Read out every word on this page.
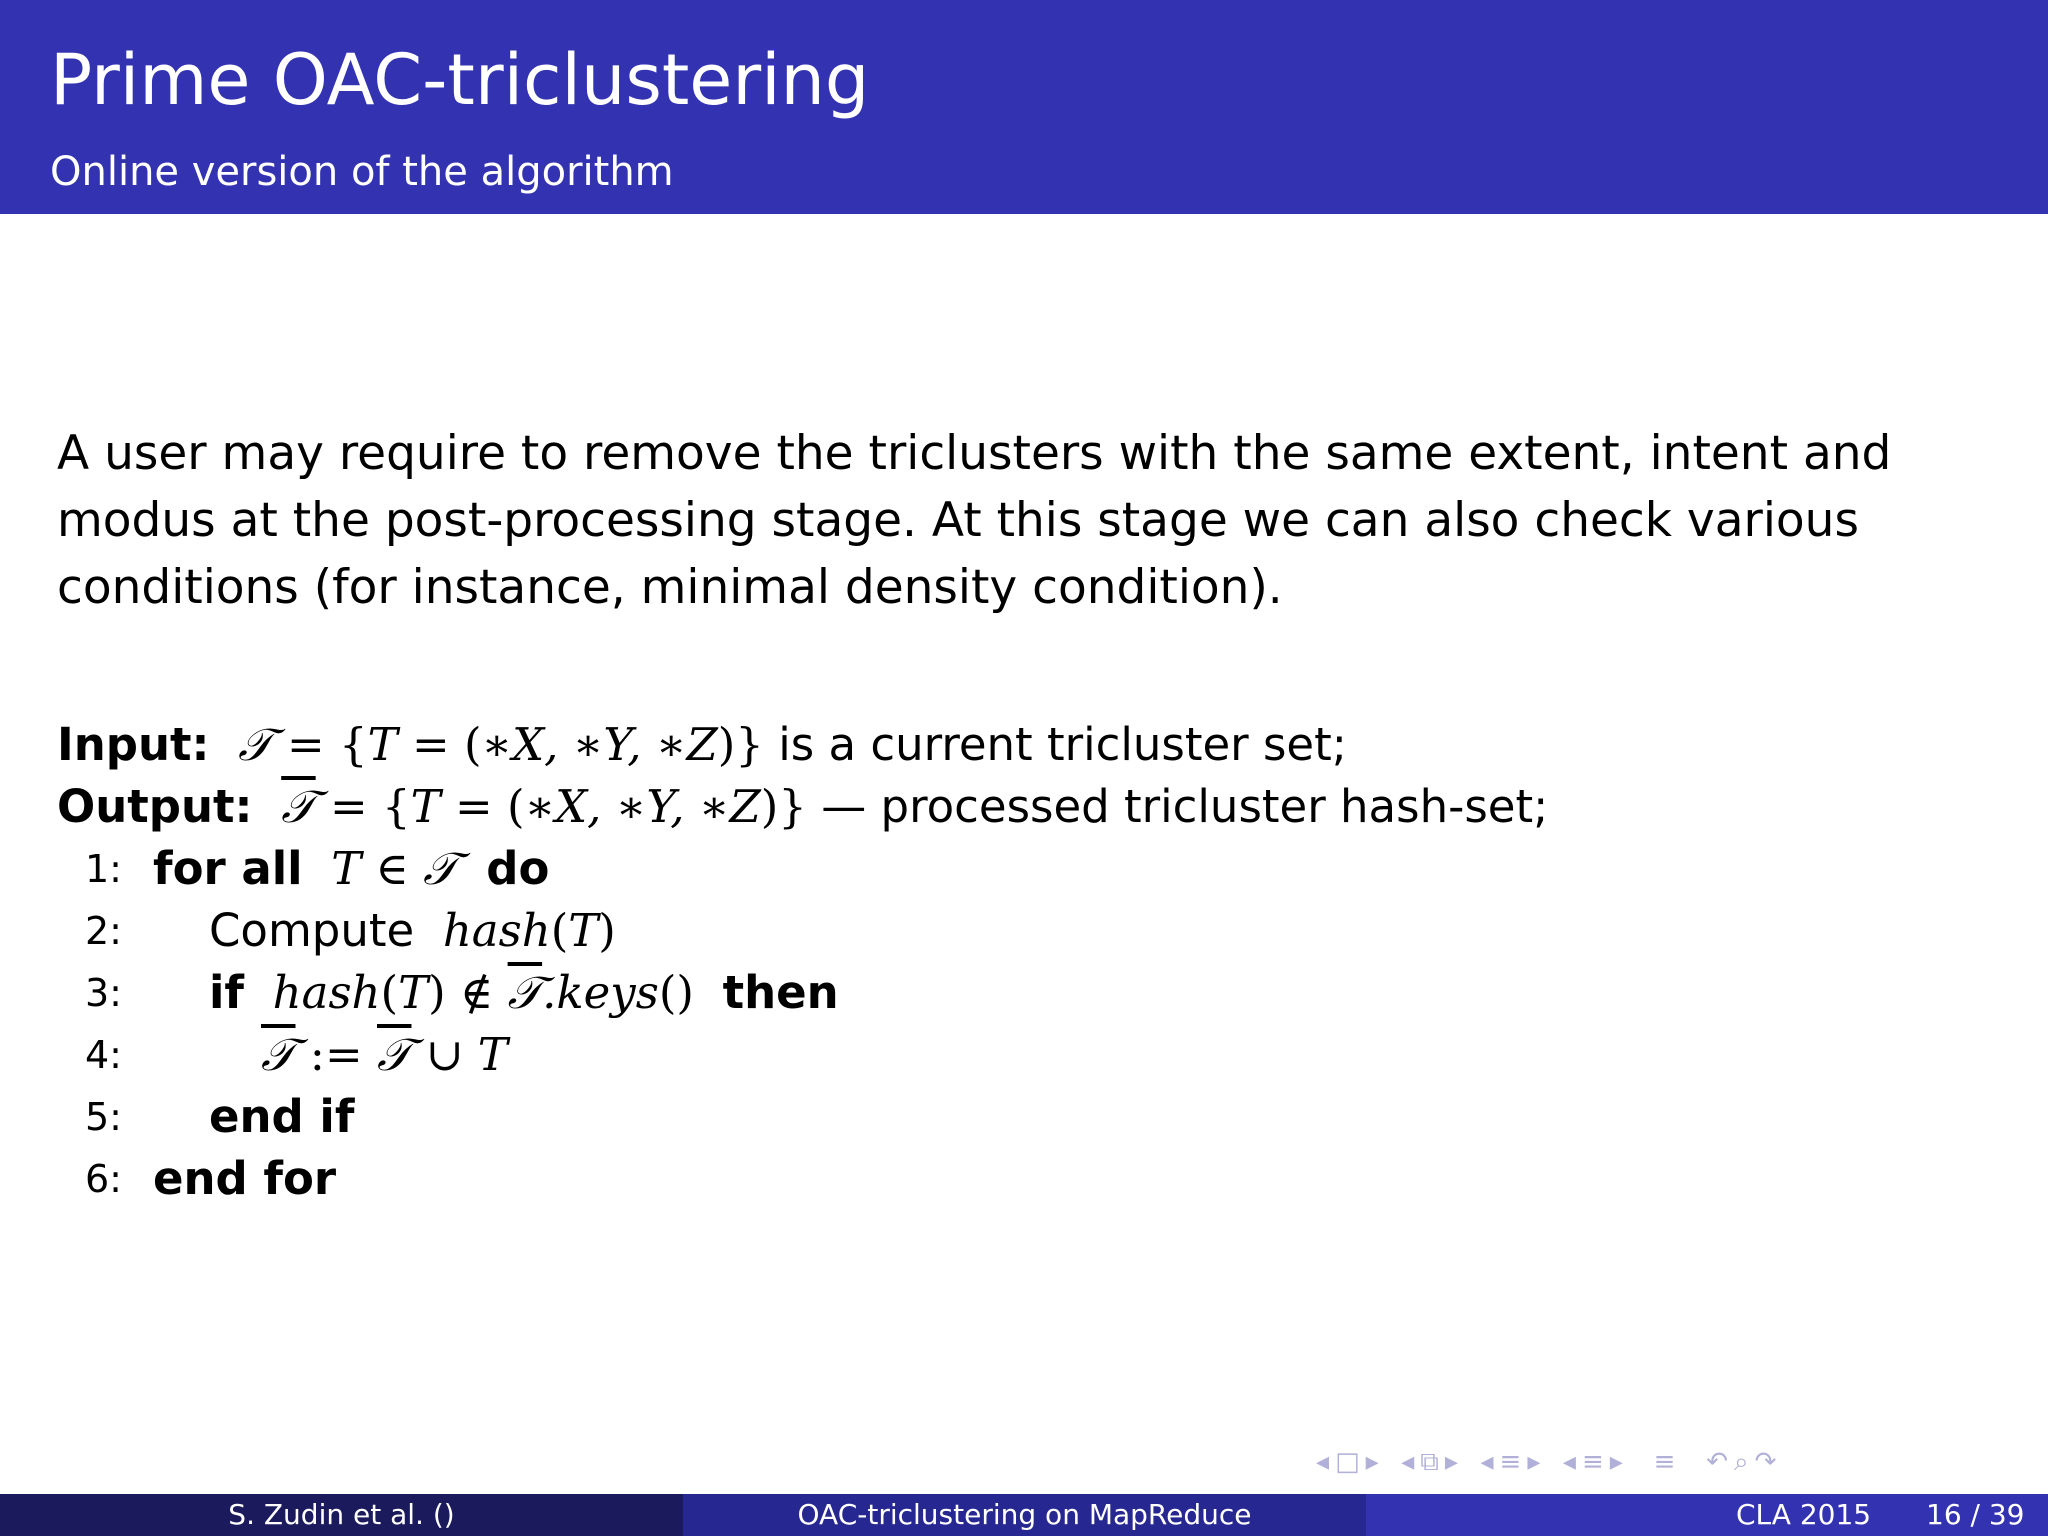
Prime OAC-triclustering
Online version of the algorithm

A user may require to remove the triclusters with the same extent, intent and modus at the post-processing stage. At this stage we can also check various conditions (for instance, minimal density condition).

Input:  𝒯 = {T = (∗X, ∗Y, ∗Z)} is a current tricluster set;
Output: 𝒯 = {T = (∗X, ∗Y, ∗Z)} — processed tricluster hash-set;
1: for all  T ∈ 𝒯  do
2: Compute  hash(T)
3: if  hash(T) ∉ 𝒯.keys() then
4:	𝒯 := 𝒯 ∪ T
5: end if
6: end for
◂ □ ▸ ◂ ⧉ ▸ ◂ ≡ ▸ ◂ ≡ ▸ ≡ ↶ ⌕ ↷
S. Zudin et al. ()	OAC-triclustering on MapReduce	CLA 2015 16 / 39
